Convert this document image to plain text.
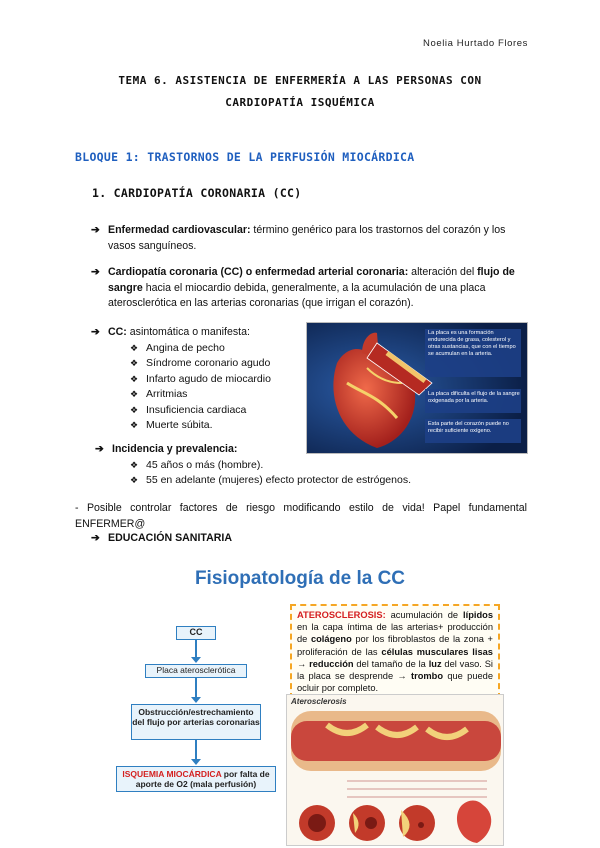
Noelia Hurtado Flores
TEMA 6. ASISTENCIA DE ENFERMERÍA A LAS PERSONAS CON
CARDIOPATÍA ISQUÉMICA
BLOQUE 1: TRASTORNOS DE LA PERFUSIÓN MIOCÁRDICA
1. CARDIOPATÍA CORONARIA (CC)
➔ Enfermedad cardiovascular: término genérico para los trastornos del corazón y los vasos sanguíneos.
➔ Cardiopatía coronaria (CC) o enfermedad arterial coronaria: alteración del flujo de sangre hacia el miocardio debida, generalmente, a la acumulación de una placa aterosclerótica en las arterias coronarias (que irrigan el corazón).
➔ CC: asintomática o manifesta:
❖ Angina de pecho
❖ Síndrome coronario agudo
❖ Infarto agudo de miocardio
❖ Arritmias
❖ Insuficiencia cardiaca
❖ Muerte súbita.
La placa es una formación endurecida de grasa, colesterol y otras sustancias, que con el tiempo se acumulan en la arteria.
La placa dificulta el flujo de la sangre oxigenada por la arteria.
Esta parte del corazón puede no recibir suficiente oxígeno.
➔ Incidencia y prevalencia:
❖ 45 años o más (hombre).
❖ 55 en adelante (mujeres) efecto protector de estrógenos.
- Posible controlar factores de riesgo modificando estilo de vida! Papel fundamental ENFERMER@
➔ EDUCACIÓN SANITARIA
Fisiopatología de la CC
CC
Placa aterosclerótica
Obstrucción/estrechamiento del flujo por arterias coronarias
ISQUEMIA MIOCÁRDICA por falta de aporte de O2 (mala perfusión)
ATEROSCLEROSIS: acumulación de lípidos en la capa íntima de las arterias+ producción de colágeno por los fibroblastos de la zona + proliferación de las células musculares lisas → reducción del tamaño de la luz del vaso. Si la placa se desprende → trombo que puede ocluir por completo.
Aterosclerosis
